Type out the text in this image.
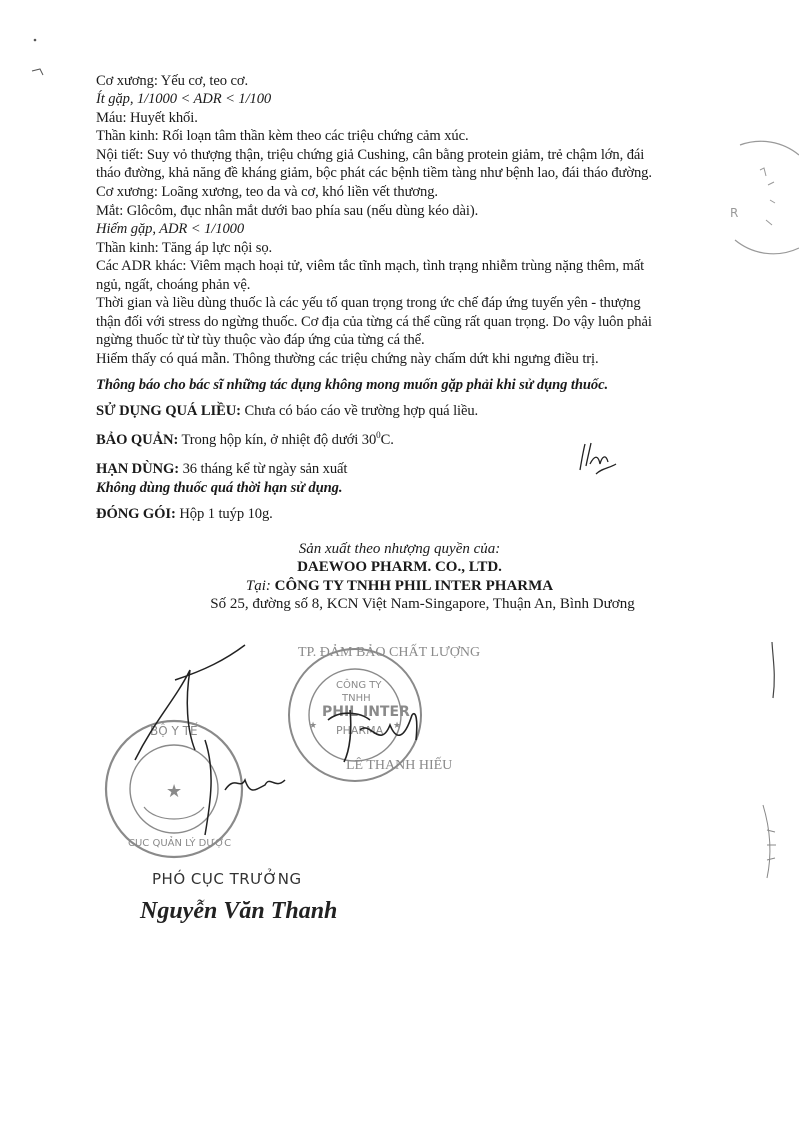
Cơ xương: Yếu cơ, teo cơ.
Ít gặp, 1/1000 < ADR < 1/100
Máu: Huyết khối.
Thần kinh: Rối loạn tâm thần kèm theo các triệu chứng cảm xúc.
Nội tiết: Suy vỏ thượng thận, triệu chứng giả Cushing, cân bằng protein giảm, trẻ chậm lớn, đái
tháo đường, khả năng đề kháng giảm, bộc phát các bệnh tiềm tàng như bệnh lao, đái tháo đường.
Cơ xương: Loãng xương, teo da và cơ, khó liền vết thương.
Mắt: Glôcôm, đục nhân mắt dưới bao phía sau (nếu dùng kéo dài).
Hiếm gặp, ADR < 1/1000
Thần kinh: Tăng áp lực nội sọ.
Các ADR khác: Viêm mạch hoại tử, viêm tắc tĩnh mạch, tình trạng nhiễm trùng nặng thêm, mất
ngủ, ngất, choáng phản vệ.
Thời gian và liều dùng thuốc là các yếu tố quan trọng trong ức chế đáp ứng tuyến yên - thượng
thận đối với stress do ngừng thuốc. Cơ địa của từng cá thể cũng rất quan trọng. Do vậy luôn phải
ngừng thuốc từ từ tùy thuộc vào đáp ứng của từng cá thể.
Hiếm thấy có quá mẫn. Thông thường các triệu chứng này chấm dứt khi ngưng điều trị.
Thông báo cho bác sĩ những tác dụng không mong muốn gặp phải khi sử dụng thuốc.
SỬ DỤNG QUÁ LIỀU: Chưa có báo cáo về trường hợp quá liều.
BẢO QUẢN: Trong hộp kín, ở nhiệt độ dưới $30^0C$.
HẠN DÙNG: 36 tháng kể từ ngày sản xuất
Không dùng thuốc quá thời hạn sử dụng.
ĐÓNG GÓI: Hộp 1 tuýp 10g.
Sản xuất theo nhượng quyền của:
DAEWOO PHARM. CO., LTD.
Tại: CÔNG TY TNHH PHIL INTER PHARMA
Số 25, đường số 8, KCN Việt Nam-Singapore, Thuận An, Bình Dương
R
★	★
TP. ĐẢM BẢO CHẤT LƯỢNG
CÔNG TY
TNHH
PHIL INTER
PHARMA
LÊ THANH HIẾU
★
BỘ Y TẾ
CỤC QUẢN LÝ DƯỢC
PHÓ CỤC TRƯỞNG
Nguyễn Văn Thanh
